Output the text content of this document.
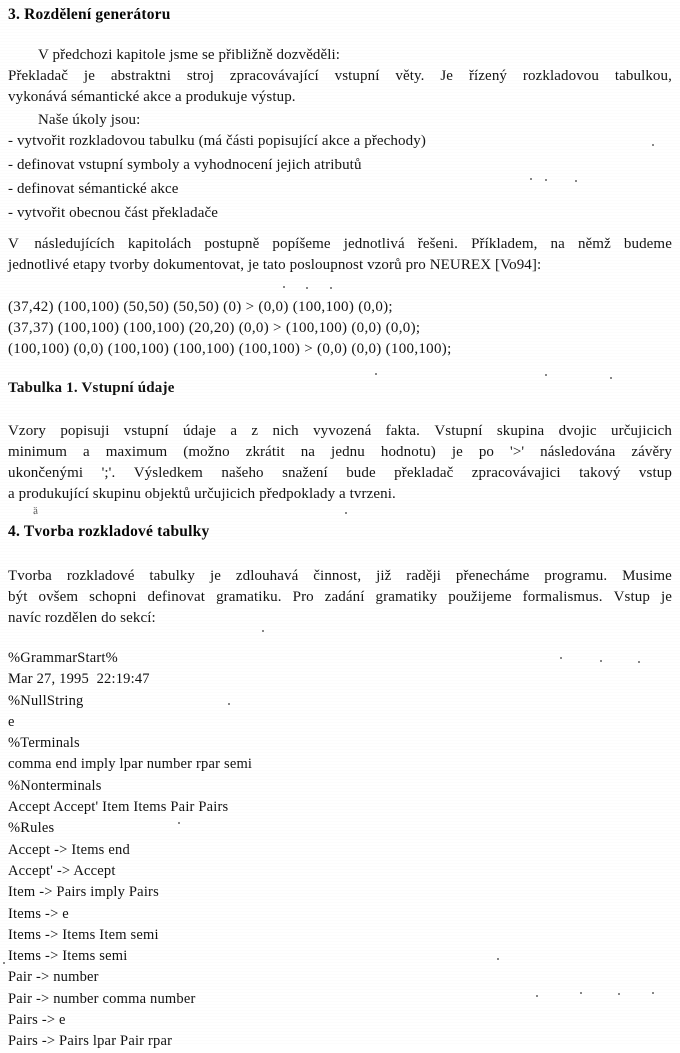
3. Rozdělení generátoru
V předchozi kapitole jsme se přibližně dozvěděli:
Překladač je abstraktni stroj zpracovávající vstupní věty. Je řízený rozkladovou tabulkou,
vykonává sémantické akce a produkuje výstup.
Naše úkoly jsou:
- vytvořit rozkladovou tabulku (má části popisující akce a přechody)
- definovat vstupní symboly a vyhodnocení jejich atributů
- definovat sémantické akce
- vytvořit obecnou část překladače
V    následujících kapitolách postupně popíšeme jednotlivá řešeni. Příkladem, na němž budeme
jednotlivé etapy tvorby dokumentovat, je tato posloupnost vzorů pro NEUREX [Vo94]:
(37,42) (100,100) (50,50) (50,50) (0) > (0,0) (100,100) (0,0);
(37,37) (100,100) (100,100) (20,20) (0,0) > (100,100) (0,0) (0,0);
(100,100) (0,0) (100,100) (100,100) (100,100) > (0,0) (0,0) (100,100);
Tabulka 1. Vstupní údaje
Vzory popisuji vstupní údaje a z nich vyvozená fakta. Vstupní skupina dvojic určujicich
minimum a maximum (možno zkrátit na jednu hodnotu) je po '>' následována závěry
ukončenými ';'. Výsledkem našeho snažení bude překladač zpracovávajici takový vstup
a produkující skupinu objektů určujicich předpoklady a tvrzeni.
ä
4. Tvorba rozkladové tabulky
Tvorba rozkladové tabulky je zdlouhavá činnost, již raději přenecháme programu. Musime
být ovšem schopni definovat gramatiku. Pro zadání gramatiky použijeme formalismus. Vstup je
navíc rozdělen do sekcí:
%GrammarStart%
Mar 27, 1995  22:19:47
%NullString
e
%Terminals
comma end imply lpar number rpar semi
%Nonterminals
Accept Accept' Item Items Pair Pairs
%Rules
Accept -> Items end
Accept' -> Accept
Item -> Pairs imply Pairs
Items -> e
Items -> Items Item semi
Items -> Items semi
Pair -> number
Pair -> number comma number
Pairs -> e
Pairs -> Pairs lpar Pair rpar
